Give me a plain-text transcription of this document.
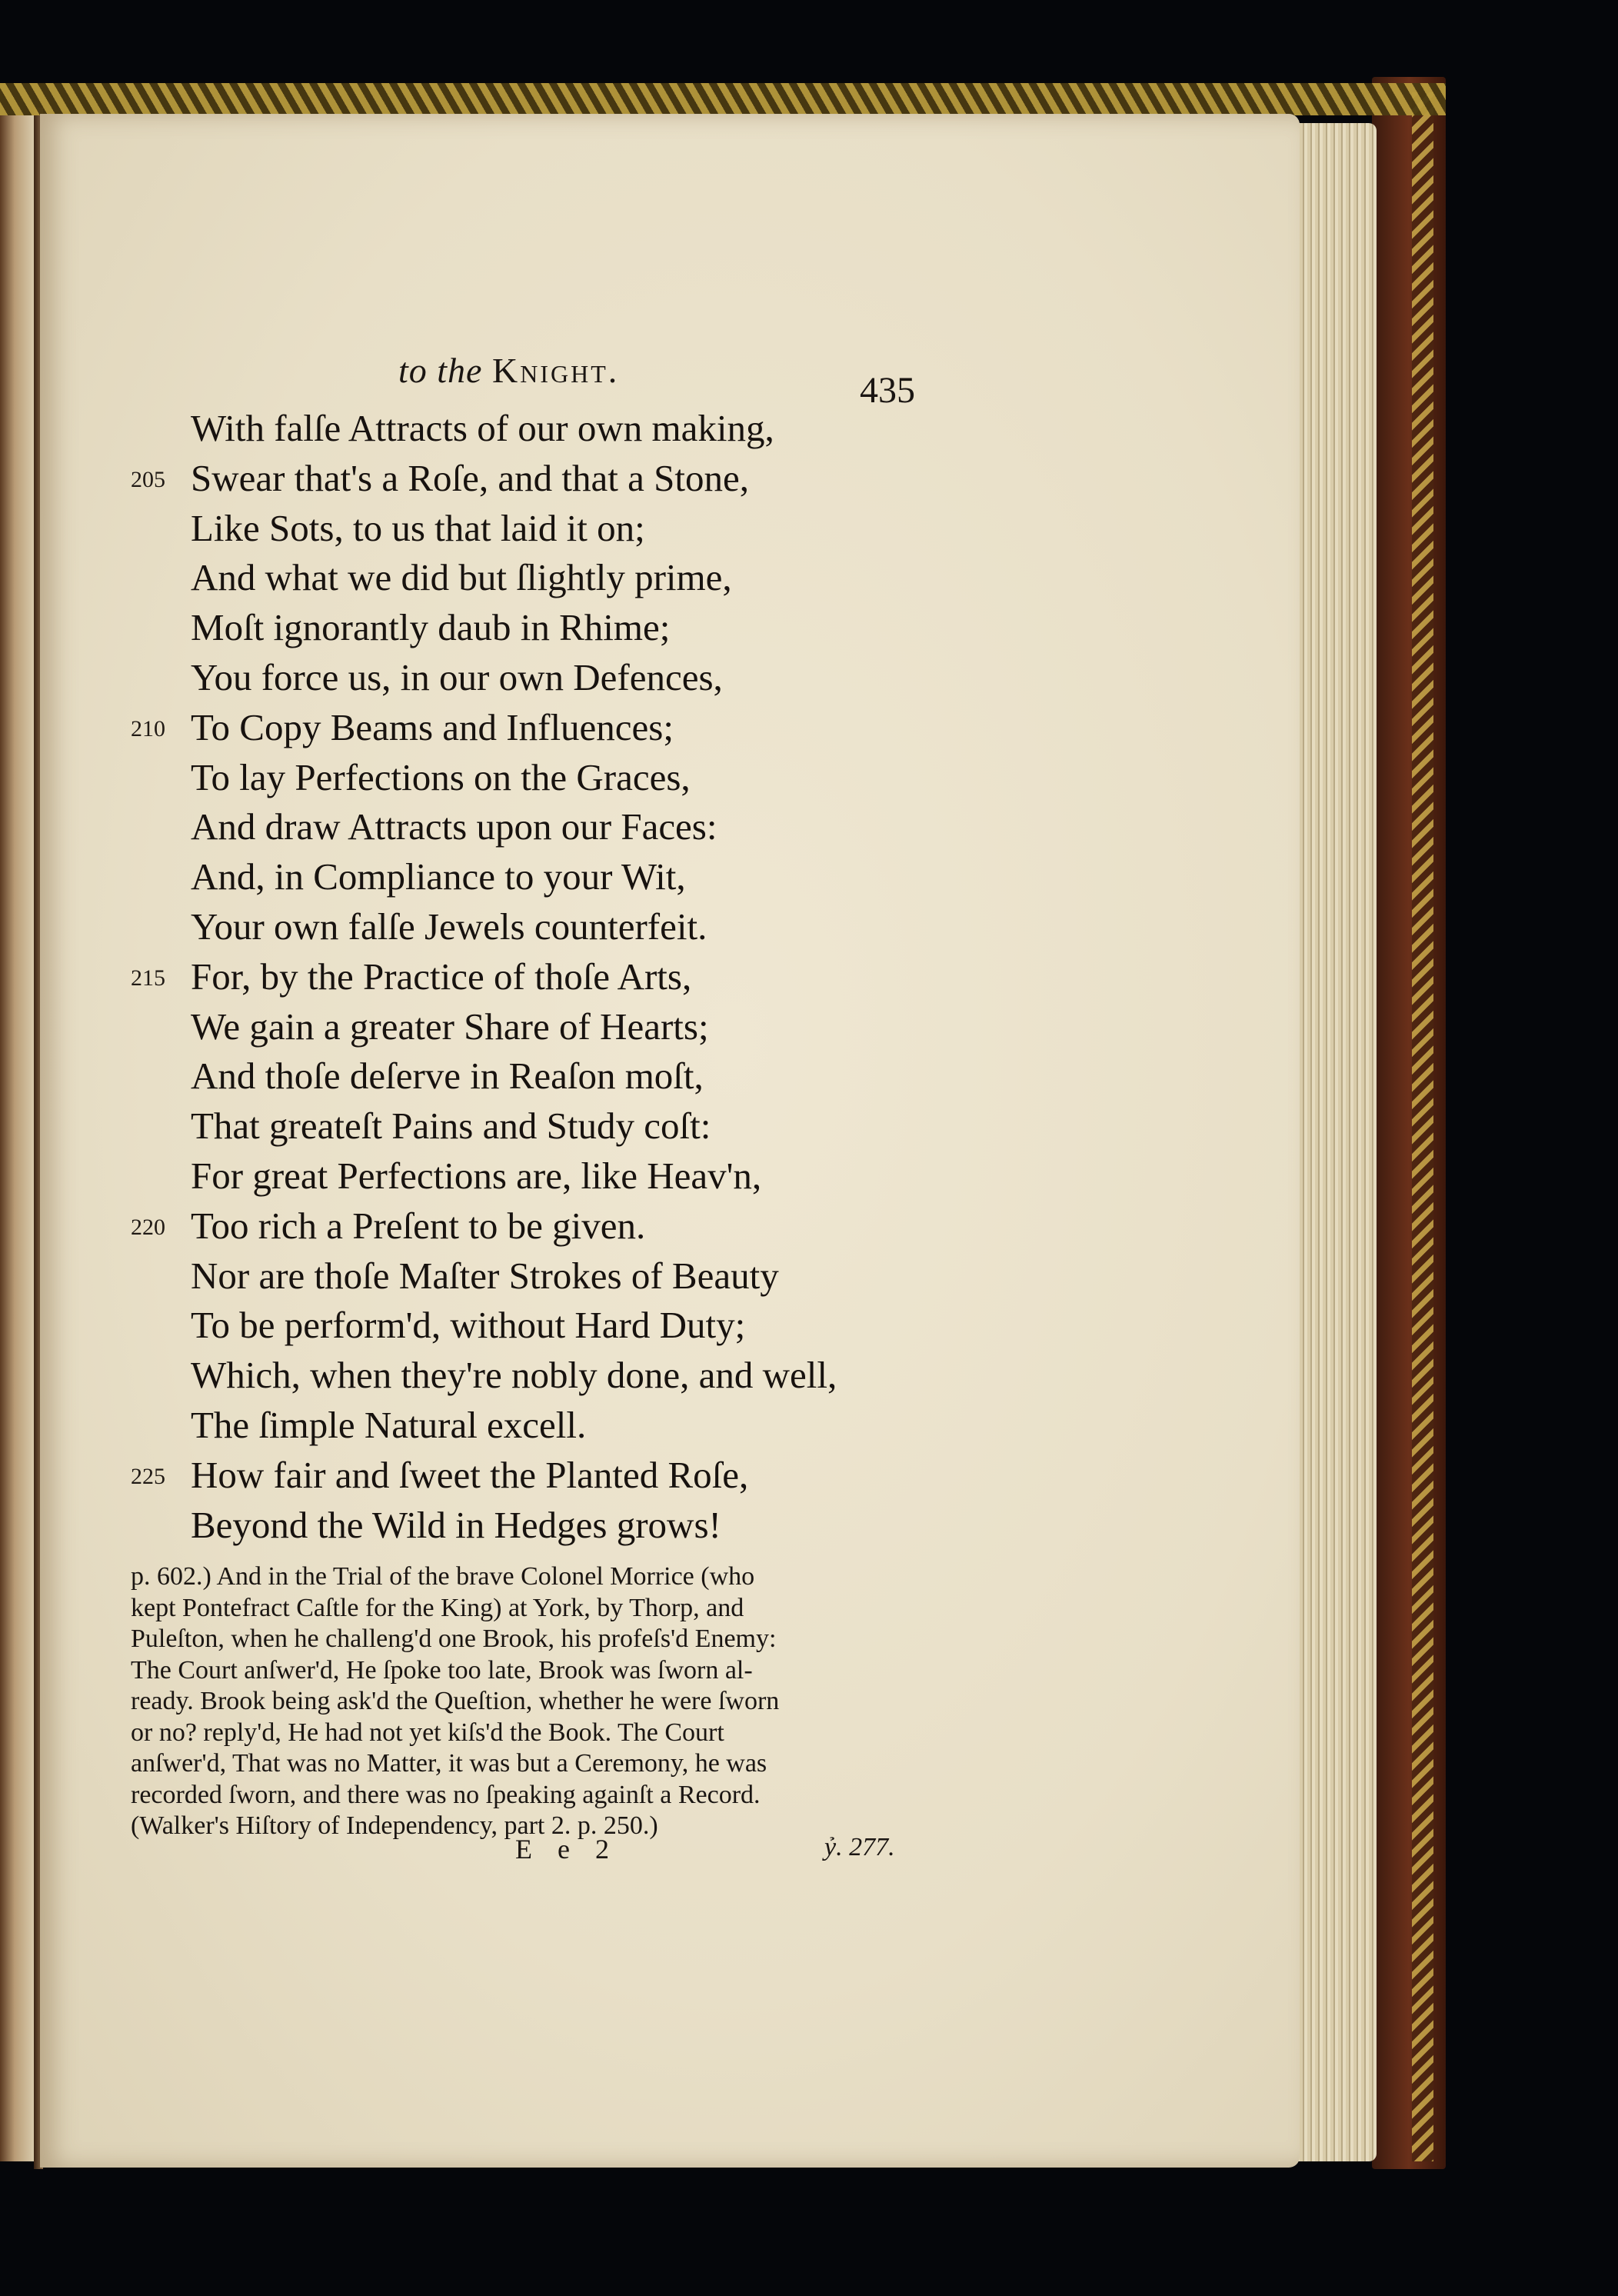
to the Knight.	435
With falſe Attracts of our own making,
205 Swear that's a Roſe, and that a Stone,
Like Sots, to us that laid it on;
And what we did but ſlightly prime,
Moſt ignorantly daub in Rhime;
You force us, in our own Defences,
210 To Copy Beams and Influences;
To lay Perfections on the Graces,
And draw Attracts upon our Faces:
And, in Compliance to your Wit,
Your own falſe Jewels counterfeit.
215 For, by the Practice of thoſe Arts,
We gain a greater Share of Hearts;
And thoſe deſerve in Reaſon moſt,
That greateſt Pains and Study coſt:
For great Perfections are, like Heav'n,
220 Too rich a Preſent to be given.
Nor are thoſe Maſter Strokes of Beauty
To be perform'd, without Hard Duty;
Which, when they're nobly done, and well,
The ſimple Natural excell.
225 How fair and ſweet the Planted Roſe,
Beyond the Wild in Hedges grows!
p. 602.) And in the Trial of the brave Colonel Morrice (who
kept Pontefract Caſtle for the King) at York, by Thorp, and
Puleſton, when he challeng'd one Brook, his profeſs'd Enemy:
The Court anſwer'd, He ſpoke too late, Brook was ſworn al-
ready. Brook being ask'd the Queſtion, whether he were ſworn
or no? reply'd, He had not yet kiſs'd the Book. The Court
anſwer'd, That was no Matter, it was but a Ceremony, he was
recorded ſworn, and there was no ſpeaking againſt a Record.
(Walker's Hiſtory of Independency, part 2. p. 250.)
E e 2	ỷ. 277.
